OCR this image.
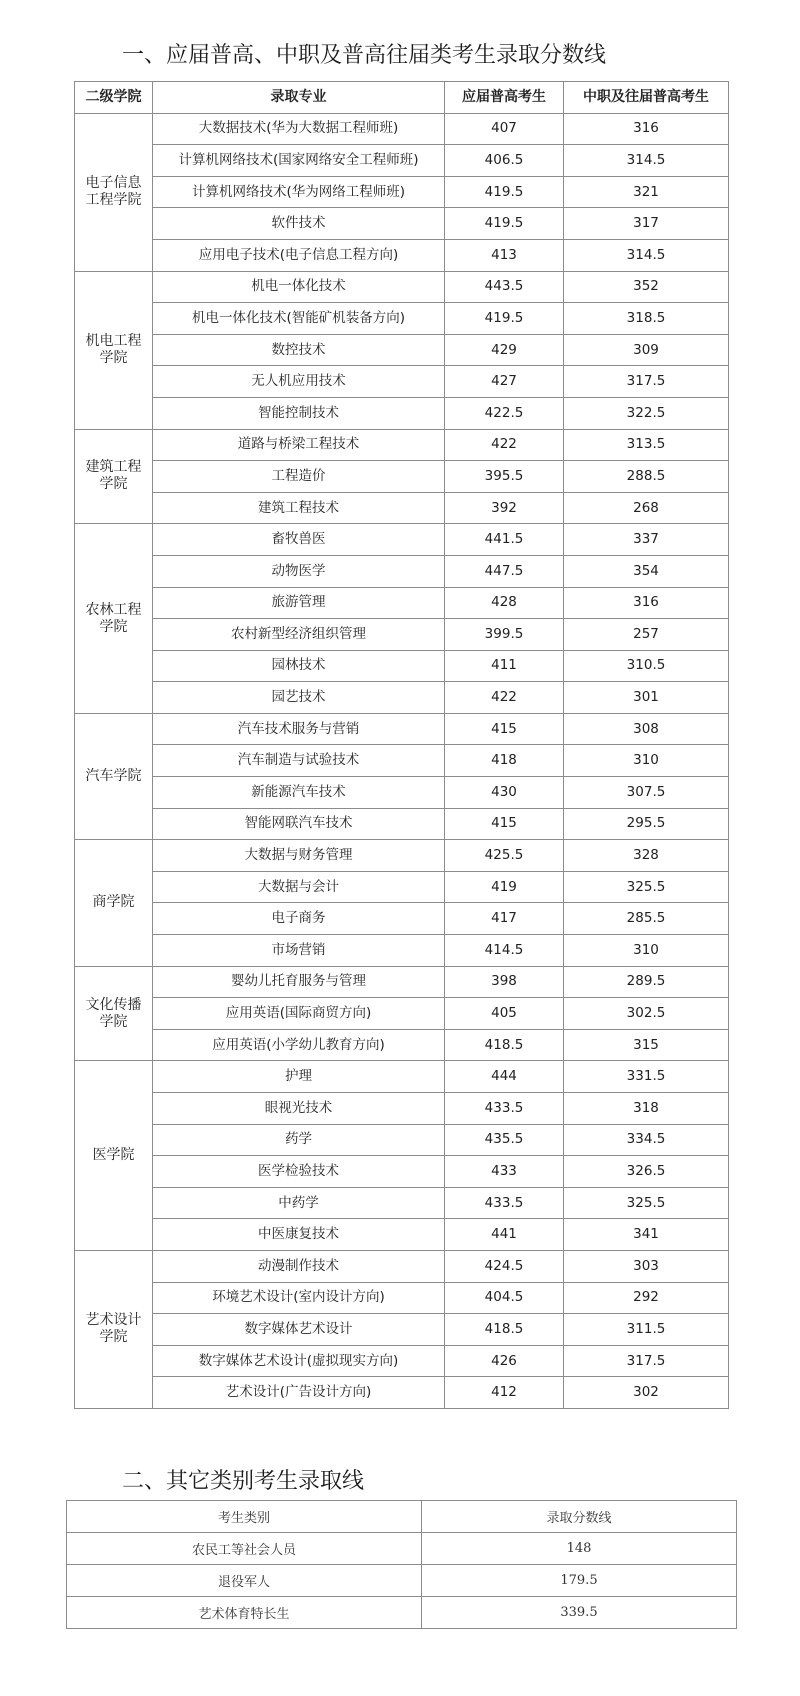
一、应届普高、中职及普高往届类考生录取分数线
二级学院	录取专业	应届普高考生	中职及往届普高考生
电子信息工程学院	大数据技术(华为大数据工程师班)	407	316
	计算机网络技术(国家网络安全工程师班)	406.5	314.5
	计算机网络技术(华为网络工程师班)	419.5	321
	软件技术	419.5	317
	应用电子技术(电子信息工程方向)	413	314.5
机电工程学院	机电一体化技术	443.5	352
	机电一体化技术(智能矿机装备方向)	419.5	318.5
	数控技术	429	309
	无人机应用技术	427	317.5
	智能控制技术	422.5	322.5
建筑工程学院	道路与桥梁工程技术	422	313.5
	工程造价	395.5	288.5
	建筑工程技术	392	268
农林工程学院	畜牧兽医	441.5	337
	动物医学	447.5	354
	旅游管理	428	316
	农村新型经济组织管理	399.5	257
	园林技术	411	310.5
	园艺技术	422	301
汽车学院	汽车技术服务与营销	415	308
	汽车制造与试验技术	418	310
	新能源汽车技术	430	307.5
	智能网联汽车技术	415	295.5
商学院	大数据与财务管理	425.5	328
	大数据与会计	419	325.5
	电子商务	417	285.5
	市场营销	414.5	310
文化传播学院	婴幼儿托育服务与管理	398	289.5
	应用英语(国际商贸方向)	405	302.5
	应用英语(小学幼儿教育方向)	418.5	315
医学院	护理	444	331.5
	眼视光技术	433.5	318
	药学	435.5	334.5
	医学检验技术	433	326.5
	中药学	433.5	325.5
	中医康复技术	441	341
艺术设计学院	动漫制作技术	424.5	303
	环境艺术设计(室内设计方向)	404.5	292
	数字媒体艺术设计	418.5	311.5
	数字媒体艺术设计(虚拟现实方向)	426	317.5
	艺术设计(广告设计方向)	412	302
二、其它类别考生录取线
考生类别	录取分数线
农民工等社会人员	148
退役军人	179.5
艺术体育特长生	339.5
